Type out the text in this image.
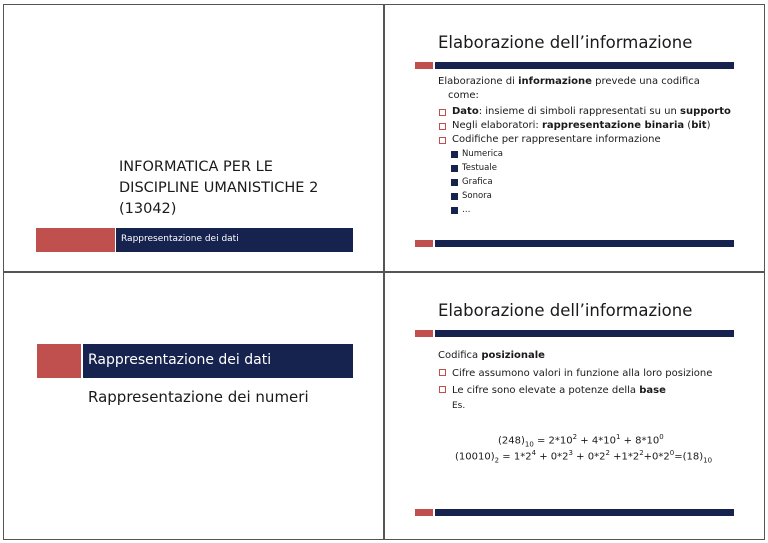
INFORMATICA PER LE
DISCIPLINE UMANISTICHE 2
(13042)
Rappresentazione dei dati
Elaborazione dell’informazione

Elaborazione di informazione prevede una codifica
come:

Dato: insieme di simboli rappresentati su un supporto

Negli elaboratori: rappresentazione binaria (bit)

Codifiche per rappresentare informazione

Numerica
Testuale
Grafica
Sonora
…
Rappresentazione dei dati
Rappresentazione dei numeri
Elaborazione dell’informazione

Codifica posizionale

Cifre assumono valori in funzione alla loro posizione

Le cifre sono elevate a potenze della base

Es.
$(248)_{10} = 2*10^2 + 4*10^1 + 8*10^0$
$(10010)_2 = 1*2^4 + 0*2^3 + 0*2^2 +1*2^2+0*2^0=(18)_{10}$
